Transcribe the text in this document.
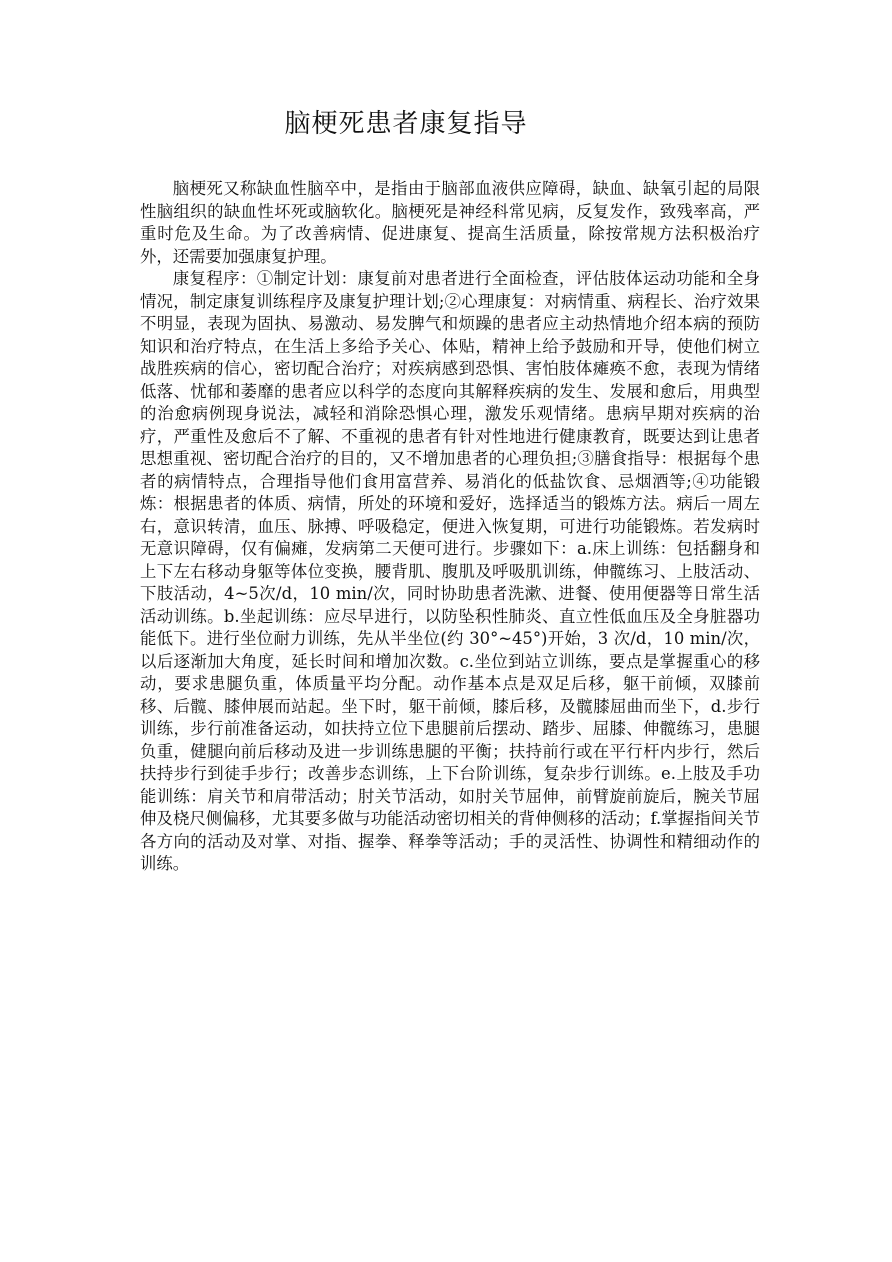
脑梗死患者康复指导

脑梗死又称缺血性脑卒中，是指由于脑部血液供应障碍，缺血、缺氧引起的局限性脑组织的缺血性坏死或脑软化。脑梗死是神经科常见病，反复发作，致残率高，严重时危及生命。为了改善病情、促进康复、提高生活质量，除按常规方法积极治疗外，还需要加强康复护理。

康复程序：①制定计划：康复前对患者进行全面检查，评估肢体运动功能和全身情况，制定康复训练程序及康复护理计划;②心理康复：对病情重、病程长、治疗效果不明显，表现为固执、易激动、易发脾气和烦躁的患者应主动热情地介绍本病的预防知识和治疗特点，在生活上多给予关心、体贴，精神上给予鼓励和开导，使他们树立战胜疾病的信心，密切配合治疗；对疾病感到恐惧、害怕肢体瘫痪不愈，表现为情绪低落、忧郁和萎靡的患者应以科学的态度向其解释疾病的发生、发展和愈后，用典型的治愈病例现身说法，减轻和消除恐惧心理，激发乐观情绪。患病早期对疾病的治疗，严重性及愈后不了解、不重视的患者有针对性地进行健康教育，既要达到让患者思想重视、密切配合治疗的目的，又不增加患者的心理负担;③膳食指导：根据每个患者的病情特点，合理指导他们食用富营养、易消化的低盐饮食、忌烟酒等;④功能锻炼：根据患者的体质、病情，所处的环境和爱好，选择适当的锻炼方法。病后一周左右，意识转清，血压、脉搏、呼吸稳定，便进入恢复期，可进行功能锻炼。若发病时无意识障碍，仅有偏瘫，发病第二天便可进行。步骤如下：a.床上训练：包括翻身和上下左右移动身躯等体位变换，腰背肌、腹肌及呼吸肌训练，伸髋练习、上肢活动、下肢活动，4~5次/d，10 min/次，同时协助患者洗漱、进餐、使用便器等日常生活活动训练。b.坐起训练：应尽早进行，以防坠积性肺炎、直立性低血压及全身脏器功能低下。进行坐位耐力训练，先从半坐位(约 30°~45°)开始，3 次/d，10 min/次，以后逐渐加大角度，延长时间和增加次数。c.坐位到站立训练，要点是掌握重心的移动，要求患腿负重，体质量平均分配。动作基本点是双足后移，躯干前倾，双膝前移、后髋、膝伸展而站起。坐下时，躯干前倾，膝后移，及髋膝屈曲而坐下，d.步行训练，步行前准备运动，如扶持立位下患腿前后摆动、踏步、屈膝、伸髋练习，患腿负重，健腿向前后移动及进一步训练患腿的平衡；扶持前行或在平行杆内步行，然后扶持步行到徒手步行；改善步态训练，上下台阶训练，复杂步行训练。e.上肢及手功能训练：肩关节和肩带活动；肘关节活动，如肘关节屈伸，前臂旋前旋后，腕关节屈伸及桡尺侧偏移，尤其要多做与功能活动密切相关的背伸侧移的活动；f.掌握指间关节各方向的活动及对掌、对指、握拳、释拳等活动；手的灵活性、协调性和精细动作的训练。
